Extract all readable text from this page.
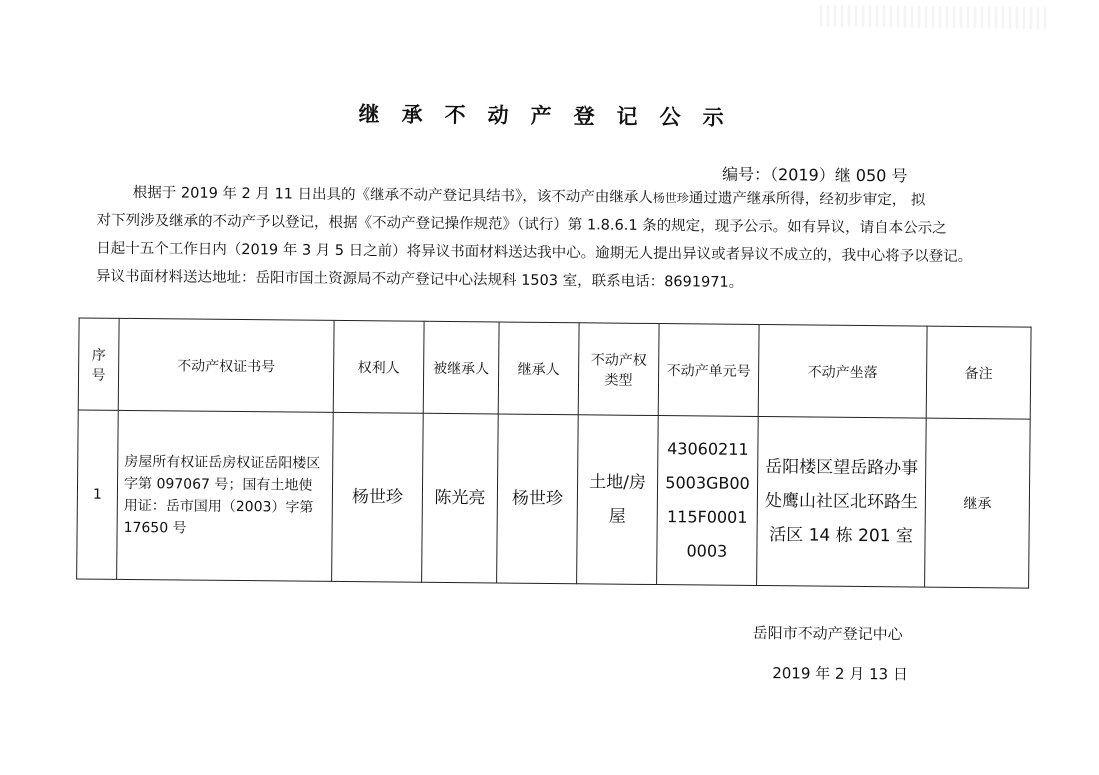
继承不动产登记公示
编号：（2019）继 050 号
根据于 2019 年 2 月 11 日出具的《继承不动产登记具结书》，该不动产由继承人杨世珍通过遗产继承所得，经初步审定， 拟
对下列涉及继承的不动产予以登记，根据《不动产登记操作规范》（试行）第 1.8.6.1 条的规定，现予公示。如有异议，请自本公示之
日起十五个工作日内（2019 年 3 月 5 日之前）将异议书面材料送达我中心。逾期无人提出异议或者异议不成立的，我中心将予以登记。
异议书面材料送达地址：岳阳市国土资源局不动产登记中心法规科 1503 室，联系电话：8691971。
序号	不动产权证书号	权利人	被继承人	继承人	不动产权类型	不动产单元号	不动产坐落	备注
1	房屋所有权证岳房权证岳阳楼区字第 097067 号；国有土地使用证：岳市国用（2003）字第 17650 号	杨世珍	陈光亮	杨世珍	土地/房屋	430602115003GB00115F00010003	岳阳楼区望岳路办事处鹰山社区北环路生活区 14 栋 201 室	继承
岳阳市不动产登记中心
2019 年 2 月 13 日
